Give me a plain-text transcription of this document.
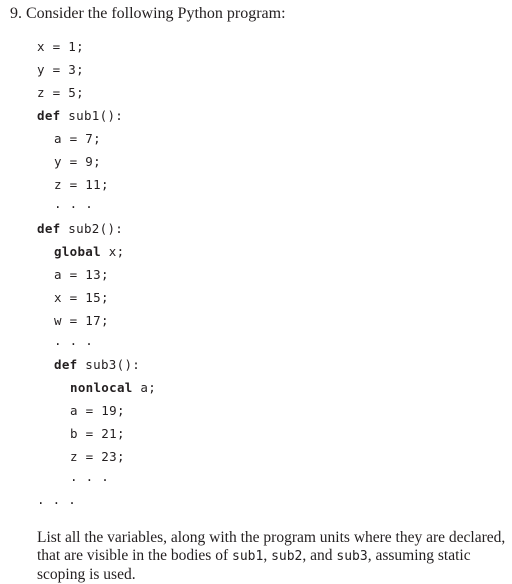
9. Consider the following Python program:
x = 1;
y = 3;
z = 5;
def sub1():
a = 7;
y = 9;
z = 11;
. . .
def sub2():
global x;
a = 13;
x = 15;
w = 17;
. . .
def sub3():
nonlocal a;
a = 19;
b = 21;
z = 23;
. . .
. . .
List all the variables, along with the program units where they are declared, that are visible in the bodies of sub1, sub2, and sub3, assuming static scoping is used.
